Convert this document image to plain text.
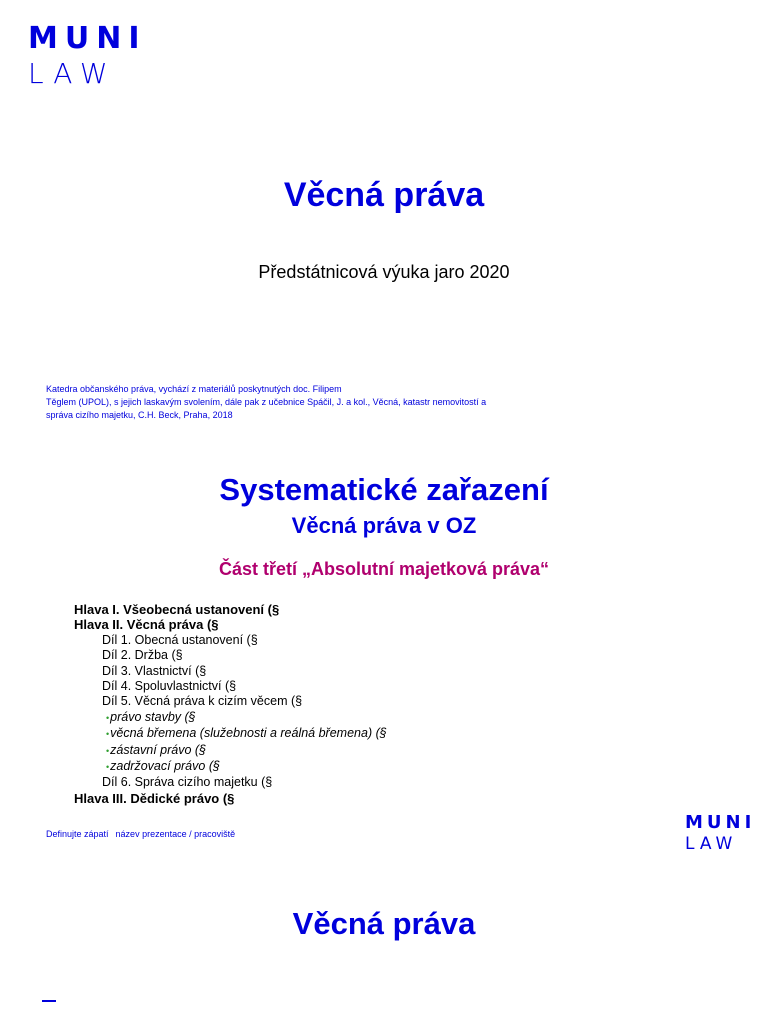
MUNI
LAW
Věcná práva
Předstátnicová výuka jaro 2020
Katedra občanského práva, vychází z materiálů poskytnutých doc. Filipem
Těglem (UPOL), s jejich laskavým svolením, dále pak z učebnice Spáčil, J. a kol., Věcná, katastr nemovitostí a
správa cizího majetku, C.H. Beck, Praha, 2018
Systematické zařazení
Věcná práva v OZ
Část třetí „Absolutní majetková práva“
Hlava I. Všeobecná ustanovení (§
Hlava II. Věcná práva (§
Díl 1. Obecná ustanovení (§
Díl 2. Držba (§
Díl 3. Vlastnictví (§
Díl 4. Spoluvlastnictví (§
Díl 5. Věcná práva k cizím věcem (§
•právo stavby (§
•věcná břemena (služebnosti a reálná břemena) (§
•zástavní právo (§
•zadržovací právo (§
Díl 6. Správa cizího majetku (§
Hlava III. Dědické právo (§
Definujte zápatí název prezentace / pracoviště
MUNI
LAW
Věcná práva
